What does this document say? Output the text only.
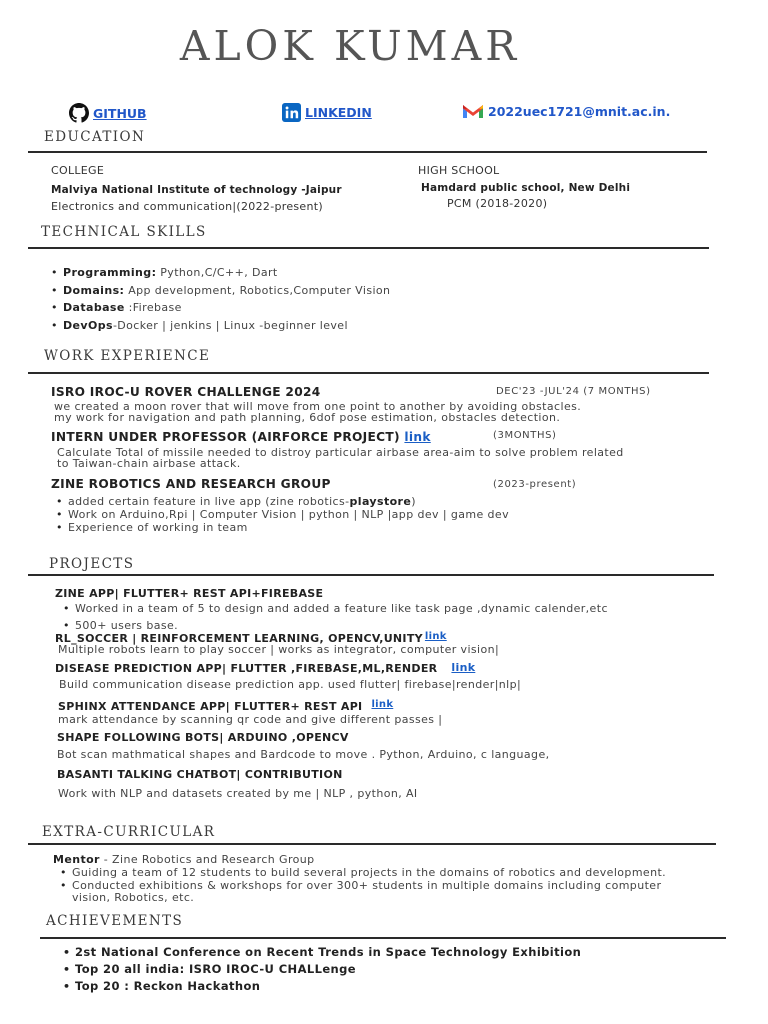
ALOK KUMAR
GITHUB	LINKEDIN	2022uec1721@mnit.ac.in.
EDUCATION
COLLEGE
Malviya National Institute of technology -Jaipur
Electronics and communication|(2022-present)
HIGH SCHOOL
Hamdard public school, New Delhi
PCM (2018-2020)
TECHNICAL SKILLS
• Programming: Python,C/C++, Dart
• Domains: App development, Robotics,Computer Vision
• Database :Firebase
• DevOps-Docker | jenkins | Linux -beginner level
WORK EXPERIENCE
ISRO IROC-U ROVER CHALLENGE 2024	DEC'23 -JUL'24 (7 MONTHS)
we created a moon rover that will move from one point to another by avoiding obstacles.
my work for navigation and path planning, 6dof pose estimation, obstacles detection.
INTERN UNDER PROFESSOR (AIRFORCE PROJECT) link	(3MONTHS)
Calculate Total of missile needed to distroy particular airbase area-aim to solve problem related
to Taiwan-chain airbase attack.
ZINE ROBOTICS AND RESEARCH GROUP	(2023-present)
• added certain feature in live app (zine robotics-playstore)
• Work on Arduino,Rpi | Computer Vision | python | NLP |app dev | game dev
• Experience of working in team
PROJECTS
ZINE APP| FLUTTER+ REST API+FIREBASE
• Worked in a team of 5 to design and added a feature like task page ,dynamic calender,etc
• 500+ users base.
RL_SOCCER | REINFORCEMENT LEARNING, OPENCV,UNITY link
Multiple robots learn to play soccer | works as integrator, computer vision|
DISEASE PREDICTION APP| FLUTTER ,FIREBASE,ML,RENDER link
Build communication disease prediction app. used flutter| firebase|render|nlp|
SPHINX ATTENDANCE APP| FLUTTER+ REST API link
mark attendance by scanning qr code and give different passes |
SHAPE FOLLOWING BOTS| ARDUINO ,OPENCV
Bot scan mathmatical shapes and Bardcode to move . Python, Arduino, c language,
BASANTI TALKING CHATBOT| CONTRIBUTION
Work with NLP and datasets created by me | NLP , python, AI
EXTRA-CURRICULAR
Mentor - Zine Robotics and Research Group
• Guiding a team of 12 students to build several projects in the domains of robotics and development.
• Conducted exhibitions & workshops for over 300+ students in multiple domains including computer
vision, Robotics, etc.
ACHIEVEMENTS
• 2st National Conference on Recent Trends in Space Technology Exhibition
• Top 20 all india: ISRO IROC-U CHALLenge
• Top 20 : Reckon Hackathon
